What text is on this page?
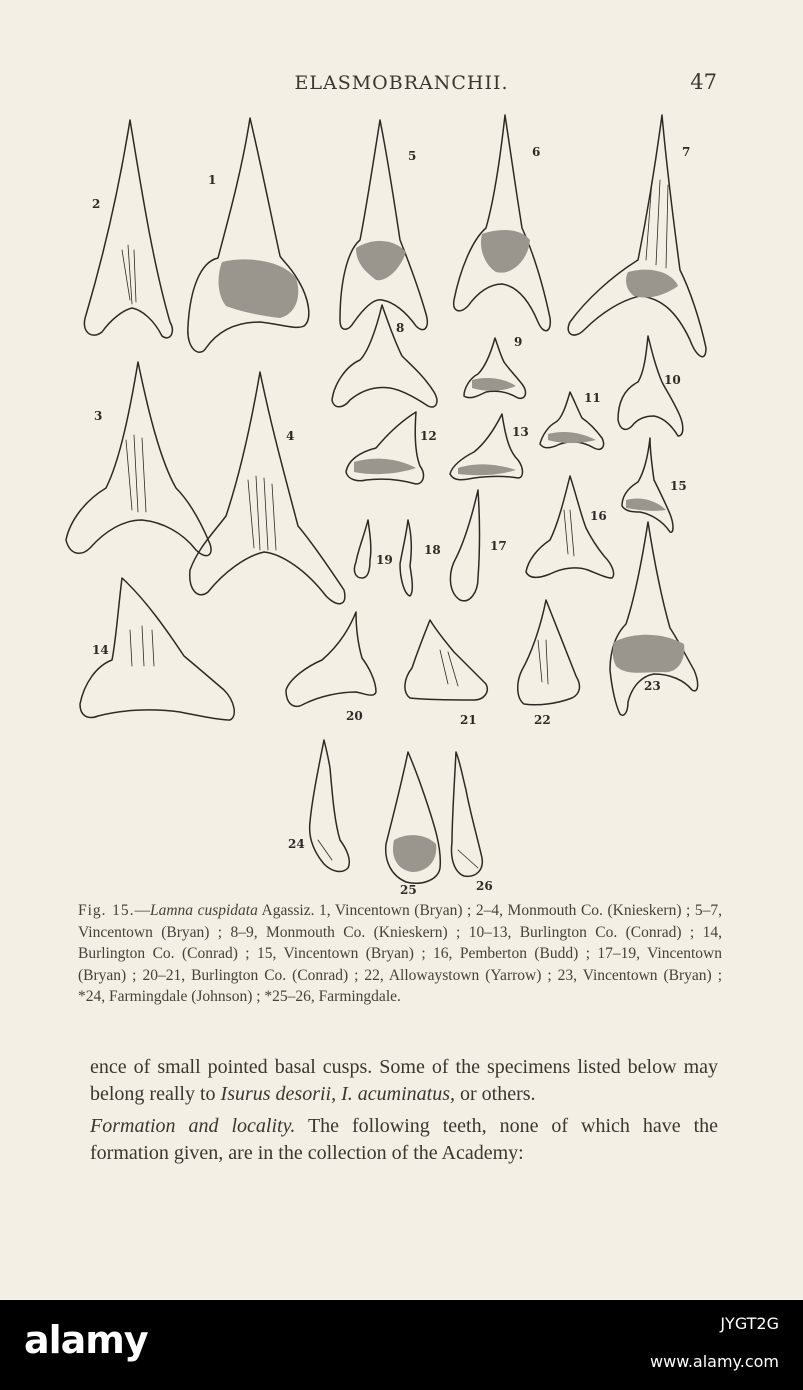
ELASMOBRANCHII.	47
1
2
3
4
5	6	7
8
9
10
11
12	13
14
15
16
17
18
19
20	21	22
23
24
25	26
Fig. 15.—Lamna cuspidata Agassiz. 1, Vincentown (Bryan) ; 2–4, Monmouth Co. (Knieskern) ; 5–7, Vincentown (Bryan) ; 8–9, Monmouth Co. (Knieskern) ; 10–13, Burlington Co. (Conrad) ; 14, Burlington Co. (Conrad) ; 15, Vincentown (Bryan) ; 16, Pemberton (Budd) ; 17–19, Vincentown (Bryan) ; 20–21, Burlington Co. (Conrad) ; 22, Allowaystown (Yarrow) ; 23, Vincentown (Bryan) ; *24, Farmingdale (Johnson) ; *25–26, Farmingdale.

ence of small pointed basal cusps. Some of the specimens listed below may belong really to Isurus desorii, I. acuminatus, or others.

Formation and locality. The following teeth, none of which have the formation given, are in the collection of the Academy:

alamy	JYGT2G
www.alamy.com
